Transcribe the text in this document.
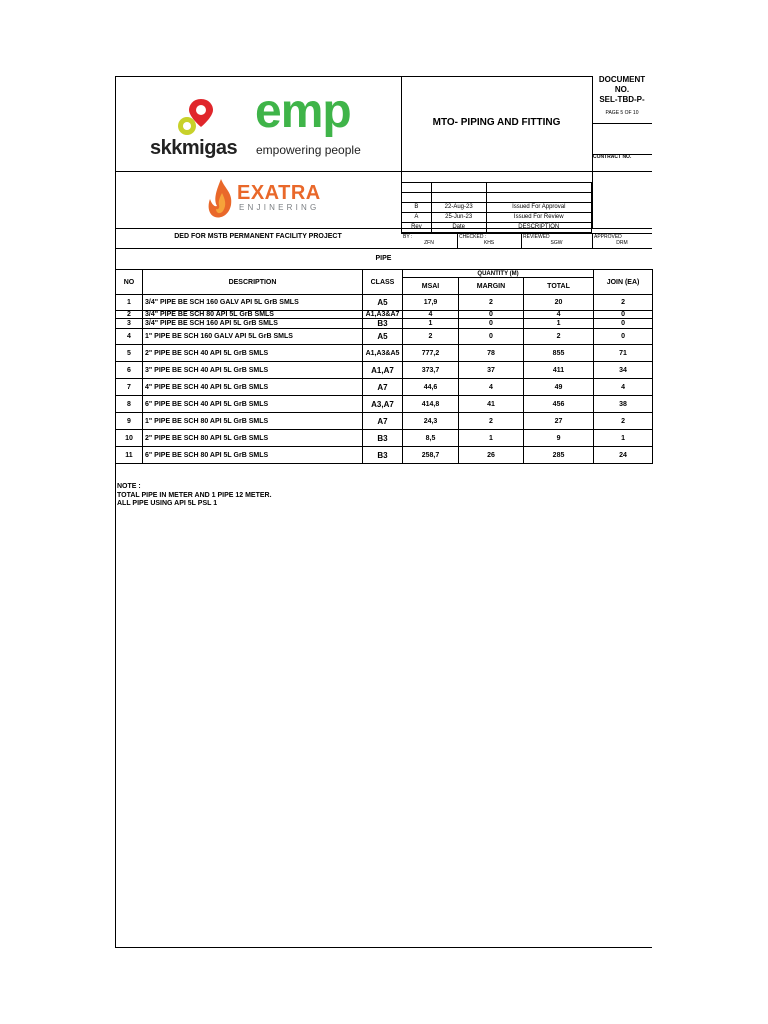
skkmigas
emp
empowering people
EXATRA
ENJINERING
MTO- PIPING AND FITTING
DOCUMENT NO.
SEL-TBD-P-
PAGE 5 OF 10
CONTRACT NO.

B	22-Aug-23	Issued For Approval
A	25-Jun-23	Issued For Review
Rev	Date	DESCRIPTION
DED FOR MSTB PERMANENT FACILITY PROJECT	BY :
ZFN
CHECKED :
KHS
REVIEWED
SGW
APPROVED
DRM
PIPE
NO	DESCRIPTION	CLASS	QUANTITY (M)			JOIN (EA)
			MSAI	MARGIN	TOTAL	
1	3/4" PIPE BE SCH 160 GALV API 5L GrB SMLS	A5	17,9	2	20	2
2	3/4" PIPE BE SCH 80 API 5L GrB SMLS	A1,A3&A7	4	0	4	0
3	3/4" PIPE BE SCH 160 API 5L GrB SMLS	B3	1	0	1	0
4	1" PIPE BE SCH 160 GALV API 5L GrB SMLS	A5	2	0	2	0
5	2" PIPE BE SCH 40 API 5L GrB SMLS	A1,A3&A5	777,2	78	855	71
6	3" PIPE BE SCH 40 API 5L GrB SMLS	A1,A7	373,7	37	411	34
7	4" PIPE BE SCH 40 API 5L GrB SMLS	A7	44,6	4	49	4
8	6" PIPE BE SCH 40 API 5L GrB SMLS	A3,A7	414,8	41	456	38
9	1" PIPE BE SCH 80 API 5L GrB SMLS	A7	24,3	2	27	2
10	2" PIPE BE SCH 80 API 5L GrB SMLS	B3	8,5	1	9	1
11	6" PIPE BE SCH 80 API 5L GrB SMLS	B3	258,7	26	285	24
NOTE :
TOTAL PIPE IN METER AND 1 PIPE 12 METER.
ALL PIPE USING API 5L PSL 1
